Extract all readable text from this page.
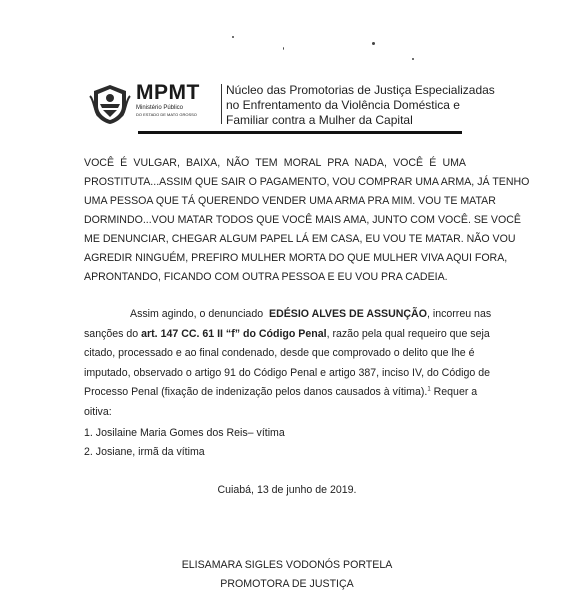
MPMT
Ministério Público
DO ESTADO DE MATO GROSSO
Núcleo das Promotorias de Justiça Especializadas
no Enfrentamento da Violência Doméstica e
Familiar contra a Mulher da Capital

VOCÊ É VULGAR, BAIXA, NÃO TEM MORAL PRA NADA, VOCÊ É UMA

PROSTITUTA...ASSIM QUE SAIR O PAGAMENTO, VOU COMPRAR UMA ARMA, JÁ TENHO

UMA PESSOA QUE TÁ QUERENDO VENDER UMA ARMA PRA MIM. VOU TE MATAR

DORMINDO...VOU MATAR TODOS QUE VOCÊ MAIS AMA, JUNTO COM VOCÊ. SE VOCÊ

ME DENUNCIAR, CHEGAR ALGUM PAPEL LÁ EM CASA, EU VOU TE MATAR. NÃO VOU

AGREDIR NINGUÉM, PREFIRO MULHER MORTA DO QUE MULHER VIVA AQUI FORA,

APRONTANDO, FICANDO COM OUTRA PESSOA E EU VOU PRA CADEIA.

Assim agindo, o denunciado EDÉSIO ALVES DE ASSUNÇÃO, incorreu nas

sanções do art. 147 CC. 61 II “f” do Código Penal, razão pela qual requeiro que seja

citado, processado e ao final condenado, desde que comprovado o delito que lhe é

imputado, observado o artigo 91 do Código Penal e artigo 387, inciso IV, do Código de

Processo Penal (fixação de indenização pelos danos causados à vítima).$^1$ Requer a

oitiva:

1. Josilaine Maria Gomes dos Reis– vítima
2. Josiane, irmã da vítima
Cuiabá, 13 de junho de 2019.
ELISAMARA SIGLES VODONÓS PORTELA
PROMOTORA DE JUSTIÇA
